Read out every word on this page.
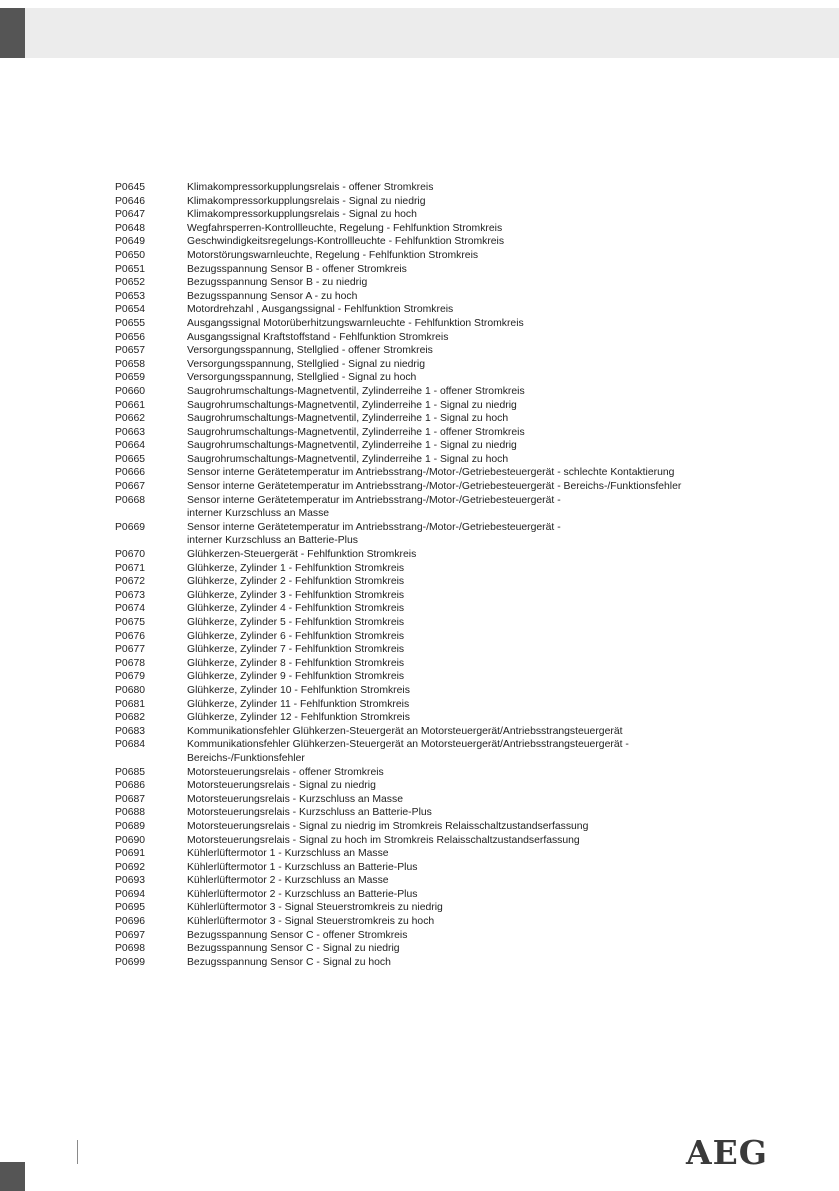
P0645	Klimakompressorkupplungsrelais - offener Stromkreis
P0646	Klimakompressorkupplungsrelais - Signal zu niedrig
P0647	Klimakompressorkupplungsrelais - Signal zu hoch
P0648	Wegfahrsperren-Kontrollleuchte, Regelung - Fehlfunktion Stromkreis
P0649	Geschwindigkeitsregelungs-Kontrollleuchte - Fehlfunktion Stromkreis
P0650	Motorstörungswarnleuchte, Regelung - Fehlfunktion Stromkreis
P0651	Bezugsspannung Sensor B - offener Stromkreis
P0652	Bezugsspannung Sensor B - zu niedrig
P0653	Bezugsspannung Sensor A - zu hoch
P0654	Motordrehzahl , Ausgangssignal - Fehlfunktion Stromkreis
P0655	Ausgangssignal Motorüberhitzungswarnleuchte - Fehlfunktion Stromkreis
P0656	Ausgangssignal Kraftstoffstand - Fehlfunktion Stromkreis
P0657	Versorgungsspannung, Stellglied - offener Stromkreis
P0658	Versorgungsspannung, Stellglied - Signal zu niedrig
P0659	Versorgungsspannung, Stellglied - Signal zu hoch
P0660	Saugrohrumschaltungs-Magnetventil, Zylinderreihe 1 - offener Stromkreis
P0661	Saugrohrumschaltungs-Magnetventil, Zylinderreihe 1 - Signal zu niedrig
P0662	Saugrohrumschaltungs-Magnetventil, Zylinderreihe 1 - Signal zu hoch
P0663	Saugrohrumschaltungs-Magnetventil, Zylinderreihe 1 - offener Stromkreis
P0664	Saugrohrumschaltungs-Magnetventil, Zylinderreihe 1 - Signal zu niedrig
P0665	Saugrohrumschaltungs-Magnetventil, Zylinderreihe 1 - Signal zu hoch
P0666	Sensor interne Gerätetemperatur im Antriebsstrang-/Motor-/Getriebesteuergerät - schlechte Kontaktierung
P0667	Sensor interne Gerätetemperatur im Antriebsstrang-/Motor-/Getriebesteuergerät - Bereichs-/Funktionsfehler
P0668	Sensor interne Gerätetemperatur im Antriebsstrang-/Motor-/Getriebesteuergerät -
interner Kurzschluss an Masse
P0669	Sensor interne Gerätetemperatur im Antriebsstrang-/Motor-/Getriebesteuergerät -
interner Kurzschluss an Batterie-Plus
P0670	Glühkerzen-Steuergerät - Fehlfunktion Stromkreis
P0671	Glühkerze, Zylinder 1 - Fehlfunktion Stromkreis
P0672	Glühkerze, Zylinder 2 - Fehlfunktion Stromkreis
P0673	Glühkerze, Zylinder 3 - Fehlfunktion Stromkreis
P0674	Glühkerze, Zylinder 4 - Fehlfunktion Stromkreis
P0675	Glühkerze, Zylinder 5 - Fehlfunktion Stromkreis
P0676	Glühkerze, Zylinder 6 - Fehlfunktion Stromkreis
P0677	Glühkerze, Zylinder 7 - Fehlfunktion Stromkreis
P0678	Glühkerze, Zylinder 8 - Fehlfunktion Stromkreis
P0679	Glühkerze, Zylinder 9 - Fehlfunktion Stromkreis
P0680	Glühkerze, Zylinder 10 - Fehlfunktion Stromkreis
P0681	Glühkerze, Zylinder 11 - Fehlfunktion Stromkreis
P0682	Glühkerze, Zylinder 12 - Fehlfunktion Stromkreis
P0683	Kommunikationsfehler Glühkerzen-Steuergerät an Motorsteuergerät/Antriebsstrangsteuergerät
P0684	Kommunikationsfehler Glühkerzen-Steuergerät an Motorsteuergerät/Antriebsstrangsteuergerät -
Bereichs-/Funktionsfehler
P0685	Motorsteuerungsrelais - offener Stromkreis
P0686	Motorsteuerungsrelais - Signal zu niedrig
P0687	Motorsteuerungsrelais - Kurzschluss an Masse
P0688	Motorsteuerungsrelais - Kurzschluss an Batterie-Plus
P0689	Motorsteuerungsrelais - Signal zu niedrig im Stromkreis Relaisschaltzustandserfassung
P0690	Motorsteuerungsrelais - Signal zu hoch im Stromkreis Relaisschaltzustandserfassung
P0691	Kühlerlüftermotor 1 - Kurzschluss an Masse
P0692	Kühlerlüftermotor 1 - Kurzschluss an Batterie-Plus
P0693	Kühlerlüftermotor 2 - Kurzschluss an Masse
P0694	Kühlerlüftermotor 2 - Kurzschluss an Batterie-Plus
P0695	Kühlerlüftermotor 3 - Signal Steuerstromkreis zu niedrig
P0696	Kühlerlüftermotor 3 - Signal Steuerstromkreis zu hoch
P0697	Bezugsspannung Sensor C - offener Stromkreis
P0698	Bezugsspannung Sensor C - Signal zu niedrig
P0699	Bezugsspannung Sensor C - Signal zu hoch
AEG
